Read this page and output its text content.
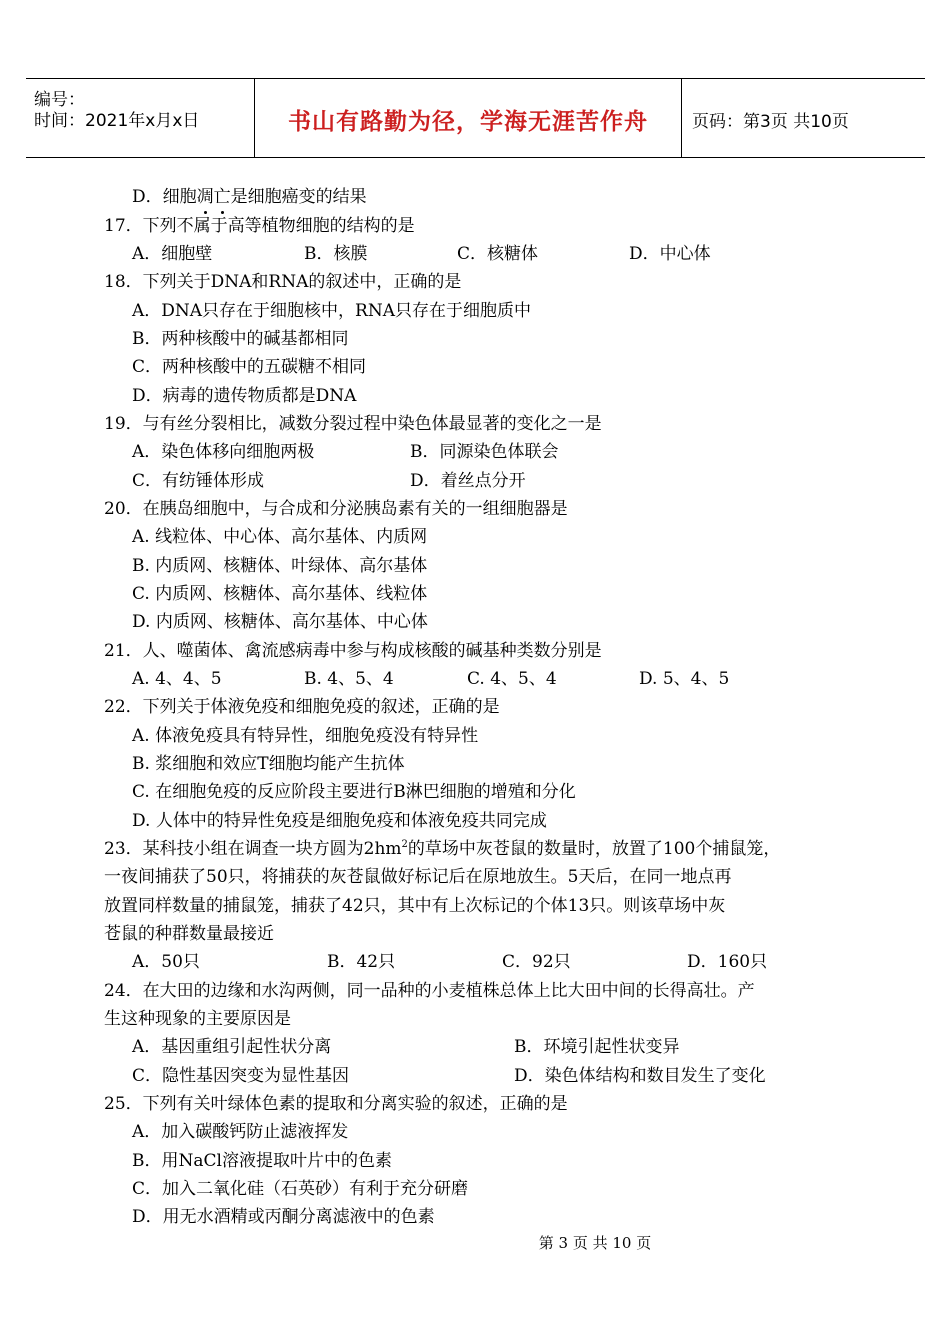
编号：
时间：2021年x月x日	书山有路勤为径，学海无涯苦作舟	页码：第3页 共10页
D．细胞凋亡是细胞癌变的结果
17．下列不属于高等植物细胞的结构的是
A．细胞壁	B．核膜	C．核糖体	D．中心体
18．下列关于DNA和RNA的叙述中，正确的是
A．DNA只存在于细胞核中，RNA只存在于细胞质中
B．两种核酸中的碱基都相同
C．两种核酸中的五碳糖不相同
D．病毒的遗传物质都是DNA
19．与有丝分裂相比，减数分裂过程中染色体最显著的变化之一是
A．染色体移向细胞两极	B．同源染色体联会
C．有纺锤体形成	D．着丝点分开
20．在胰岛细胞中，与合成和分泌胰岛素有关的一组细胞器是
A. 线粒体、中心体、高尔基体、内质网
B. 内质网、核糖体、叶绿体、高尔基体
C. 内质网、核糖体、高尔基体、线粒体
D. 内质网、核糖体、高尔基体、中心体
21．人、噬菌体、禽流感病毒中参与构成核酸的碱基种类数分别是
A. 4、4、5	B. 4、5、4	C. 4、5、4	D. 5、4、5
22．下列关于体液免疫和细胞免疫的叙述，正确的是
A. 体液免疫具有特异性，细胞免疫没有特异性
B. 浆细胞和效应T细胞均能产生抗体
C. 在细胞免疫的反应阶段主要进行B淋巴细胞的增殖和分化
D. 人体中的特异性免疫是细胞免疫和体液免疫共同完成
23．某科技小组在调查一块方圆为$2hm^2$的草场中灰苍鼠的数量时，放置了100个捕鼠笼，
一夜间捕获了50只，将捕获的灰苍鼠做好标记后在原地放生。5天后，在同一地点再
放置同样数量的捕鼠笼，捕获了42只，其中有上次标记的个体13只。则该草场中灰
苍鼠的种群数量最接近
A．50只	B．42只	C．92只	D．160只
24．在大田的边缘和水沟两侧，同一品种的小麦植株总体上比大田中间的长得高壮。产
生这种现象的主要原因是
A．基因重组引起性状分离	B．环境引起性状变异
C．隐性基因突变为显性基因	D．染色体结构和数目发生了变化
25．下列有关叶绿体色素的提取和分离实验的叙述，正确的是
A．加入碳酸钙防止滤液挥发
B．用NaCl溶液提取叶片中的色素
C．加入二氧化硅（石英砂）有利于充分研磨
D．用无水酒精或丙酮分离滤液中的色素
第 3 页 共 10 页
